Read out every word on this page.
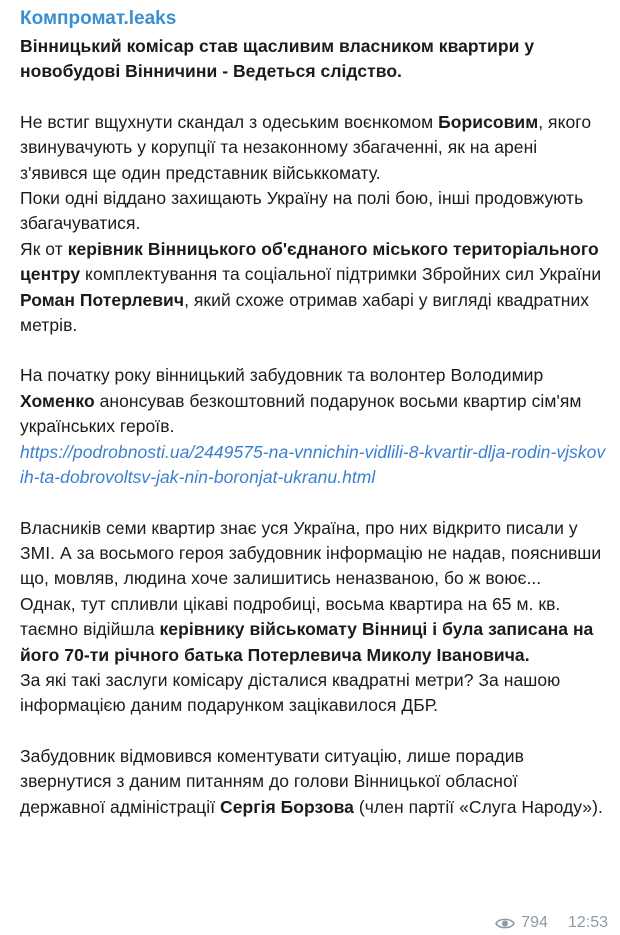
Компромат.leaks

Вінницький комісар став щасливим власником квартири у новобудові Вінничини - Ведеться слідство.

Не встиг вщухнути скандал з одеським воєнкомом Борисовим, якого звинувачують у корупції та незаконному збагаченні, як на арені з'явився ще один представник військкомату.
Поки одні віддано захищають Україну на полі бою, інші продовжують збагачуватися.
Як от керівник Вінницького об'єднаного міського територіального центру комплектування та соціальної підтримки Збройних сил України Роман Потерлевич, який схоже отримав хабарі у вигляді квадратних метрів.

На початку року вінницький забудовник та волонтер Володимир Хоменко анонсував безкоштовний подарунок восьми квартир сім'ям українських героїв.
https://podrobnosti.ua/2449575-na-vnnichin-vidlili-8-kvartir-dlja-rodin-vjskovih-ta-dobrovoltsv-jak-nin-boronjat-ukranu.html

Власників семи квартир знає уся Україна, про них відкрито писали у ЗМІ. А за восьмого героя забудовник інформацію не надав, пояснивши що, мовляв, людина хоче залишитись неназваною, бо ж воює...
Однак, тут спливли цікаві подробиці, восьма квартира на 65 м. кв. таємно відійшла керівнику військомату Вінниці і була записана на його 70-ти річного батька Потерлевича Миколу Івановича.
За які такі заслуги комісару дісталися квадратні метри? За нашою інформацією даним подарунком зацікавилося ДБР.

Забудовник відмовився коментувати ситуацію, лише порадив звернутися з даним питанням до голови Вінницької обласної державної адміністрації Сергія Борзова (член партії «Слуга Народу»).

794 12:53
